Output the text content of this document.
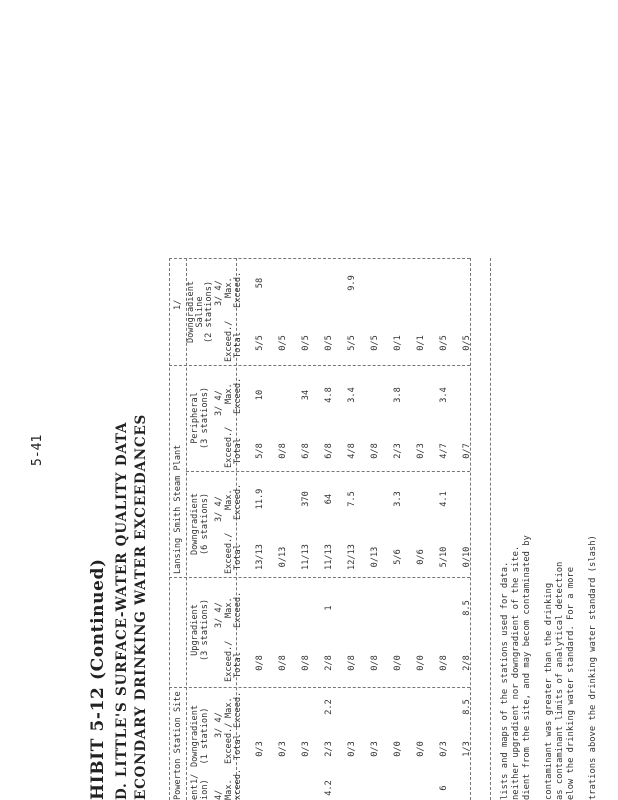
5-41
HIBIT 5-12 (Continued) D. LITTLE'S SURFACE-WATER QUALITY DATA ECONDARY DRINKING WATER EXCEEDANCES	Powerton Station Site
Lansing Smith Steam Plant
1/
ent ion)
1/
Downgradient (1 station)
Upgradient (3 stations)
Downgradient (6 stations)
Peripheral (3 stations)
Downgradient Saline (2 stations)
4/
3/ 4/
3/ 4/
3/ 4/
3/ 4/
3/ 4/
Max. xceed.
Exceed./
Max.
Total
Exceed.
Exceed./
Max.
Total
Exceed.
Exceed./
Max.
Total
Exceed.
Exceed./
Max.
Total
Exceed.
Exceed./
Max.
Total
Exceed.
0/3
0/8
13/13
11.9
5/8
10
5/5
58
0/3
0/8
0/13
0/8
0/5
0/3
0/8
11/13
370
6/8
34
0/5
4.2
2/3
2.2
2/8
1
11/13
64
6/8
4.8
0/5
0/3
0/8
12/13
7.5
4/8
3.4
5/5
9.9
0/3
0/8
0/13
0/8
0/5
0/0
0/0
5/6
3.3
2/3
3.8
0/1
0/0
0/0
0/6
0/3
0/1
6
0/3
0/8
5/10
4.1
4/7
3.4
0/5
1/3
8.5
2/8
8.5
0/10
0/7
0/5
lists and maps of the stations used for data. neither upgradient nor downgradient of the site. dient from the site, and may becom contaminated by contaminant was greater than the drinking as contaminant limits of analytical detection elow the drinking water standard. For a more trations above the drinking water standard (slash)
